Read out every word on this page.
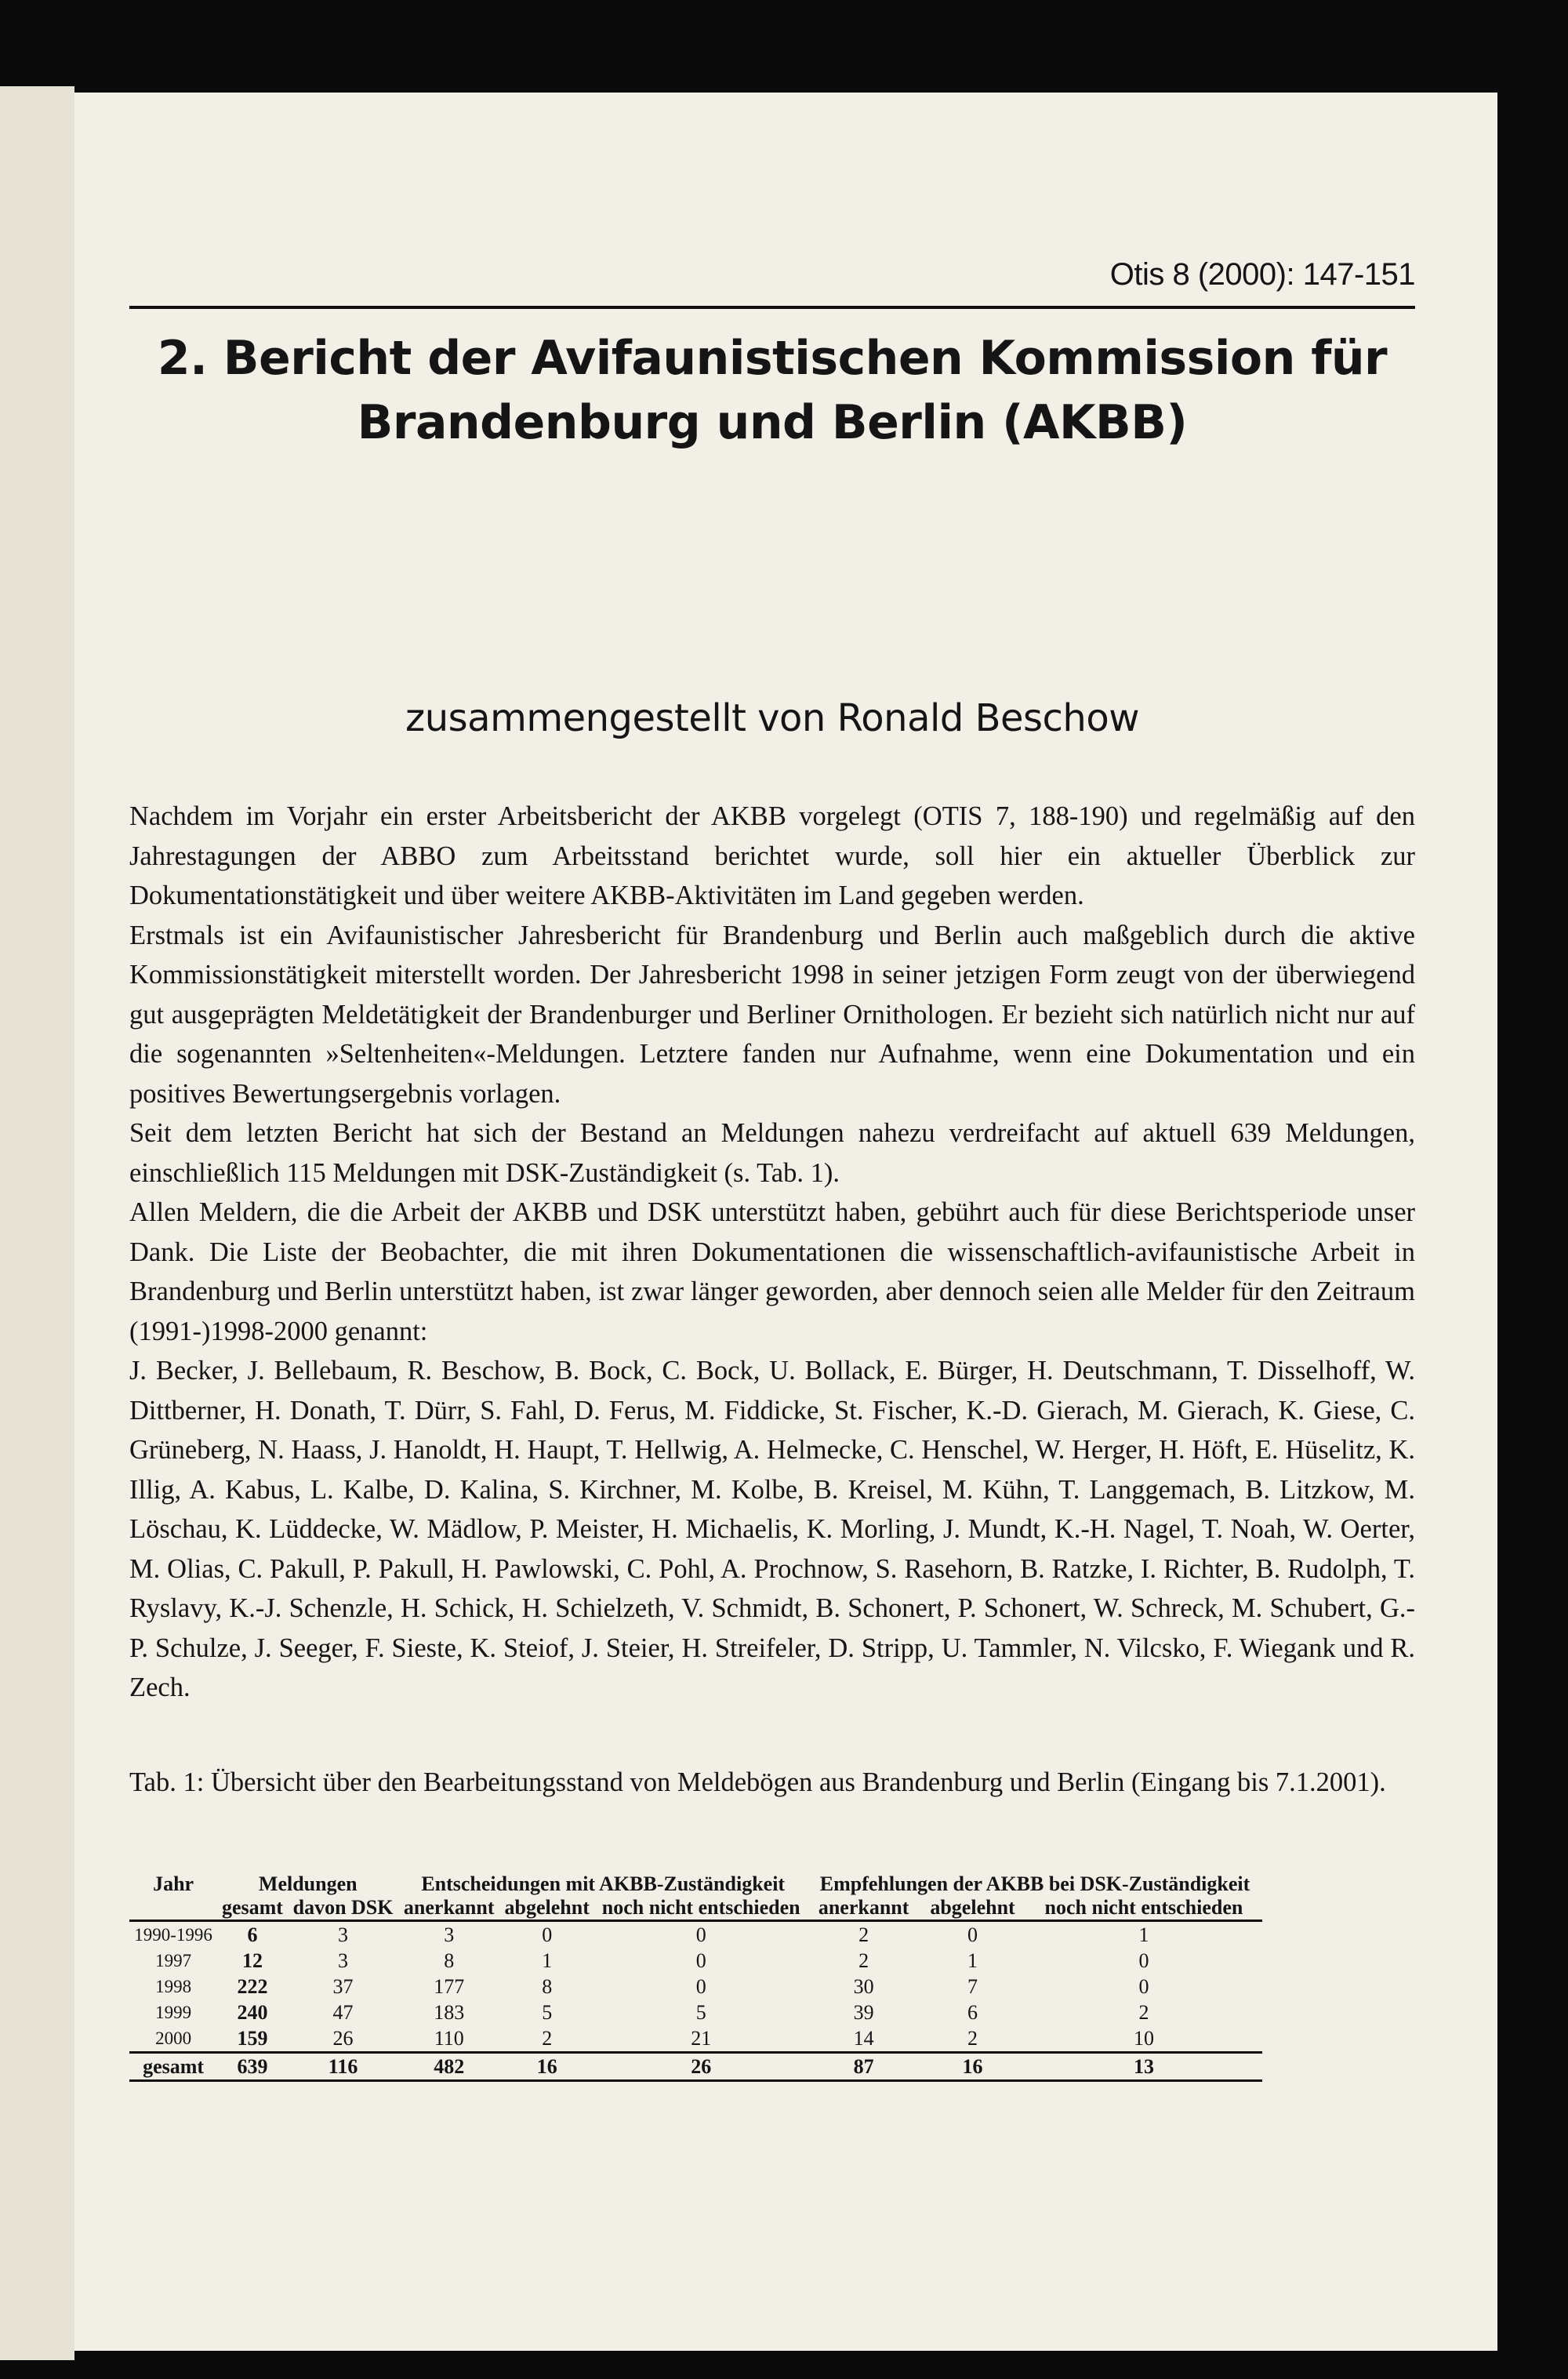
Otis 8 (2000): 147-151
2. Bericht der Avifaunistischen Kommission für
Brandenburg und Berlin (AKBB)
zusammengestellt von Ronald Beschow

Nachdem im Vorjahr ein erster Arbeitsbericht der AKBB vorgelegt (OTIS 7, 188-190) und regelmäßig auf den Jahrestagungen der ABBO zum Arbeitsstand berichtet wurde, soll hier ein aktueller Überblick zur Dokumentationstätigkeit und über weitere AKBB-Aktivitäten im Land gegeben werden.

Erstmals ist ein Avifaunistischer Jahresbericht für Brandenburg und Berlin auch maßgeblich durch die aktive Kommissionstätigkeit miterstellt worden. Der Jahresbericht 1998 in seiner jetzigen Form zeugt von der überwiegend gut ausgeprägten Meldetätigkeit der Brandenburger und Berliner Ornithologen. Er bezieht sich natürlich nicht nur auf die sogenannten »Seltenheiten«-Meldungen. Letztere fanden nur Aufnahme, wenn eine Dokumentation und ein positives Bewertungsergebnis vorlagen.

Seit dem letzten Bericht hat sich der Bestand an Meldungen nahezu verdreifacht auf aktuell 639 Meldungen, einschließlich 115 Meldungen mit DSK-Zuständigkeit (s. Tab. 1).

Allen Meldern, die die Arbeit der AKBB und DSK unterstützt haben, gebührt auch für diese Berichtsperiode unser Dank. Die Liste der Beobachter, die mit ihren Dokumentationen die wissenschaftlich-avifaunistische Arbeit in Brandenburg und Berlin unterstützt haben, ist zwar länger geworden, aber dennoch seien alle Melder für den Zeitraum (1991-)1998-2000 genannt:

J. Becker, J. Bellebaum, R. Beschow, B. Bock, C. Bock, U. Bollack, E. Bürger, H. Deutschmann, T. Disselhoff, W. Dittberner, H. Donath, T. Dürr, S. Fahl, D. Ferus, M. Fiddicke, St. Fischer, K.-D. Gierach, M. Gierach, K. Giese, C. Grüneberg, N. Haass, J. Hanoldt, H. Haupt, T. Hellwig, A. Helmecke, C. Henschel, W. Herger, H. Höft, E. Hüselitz, K. Illig, A. Kabus, L. Kalbe, D. Kalina, S. Kirchner, M. Kolbe, B. Kreisel, M. Kühn, T. Langgemach, B. Litzkow, M. Löschau, K. Lüddecke, W. Mädlow, P. Meister, H. Michaelis, K. Morling, J. Mundt, K.-H. Nagel, T. Noah, W. Oerter, M. Olias, C. Pakull, P. Pakull, H. Pawlowski, C. Pohl, A. Prochnow, S. Rasehorn, B. Ratzke, I. Richter, B. Rudolph, T. Ryslavy, K.-J. Schenzle, H. Schick, H. Schielzeth, V. Schmidt, B. Schonert, P. Schonert, W. Schreck, M. Schubert, G.-P. Schulze, J. Seeger, F. Sieste, K. Steiof, J. Steier, H. Streifeler, D. Stripp, U. Tammler, N. Vilcsko, F. Wiegank und R. Zech.

Tab. 1: Übersicht über den Bearbeitungsstand von Meldebögen aus Brandenburg und Berlin (Eingang bis 7.1.2001).
Jahr	Meldungen		Entscheidungen mit AKBB-Zuständigkeit			Empfehlungen der AKBB bei DSK-Zuständigkeit		
	gesamt	davon DSK	anerkannt	abgelehnt	noch nicht entschieden	anerkannt	abgelehnt	noch nicht entschieden
1990-1996	6	3	3	0	0	2	0	1
1997	12	3	8	1	0	2	1	0
1998	222	37	177	8	0	30	7	0
1999	240	47	183	5	5	39	6	2
2000	159	26	110	2	21	14	2	10
gesamt	639	116	482	16	26	87	16	13
